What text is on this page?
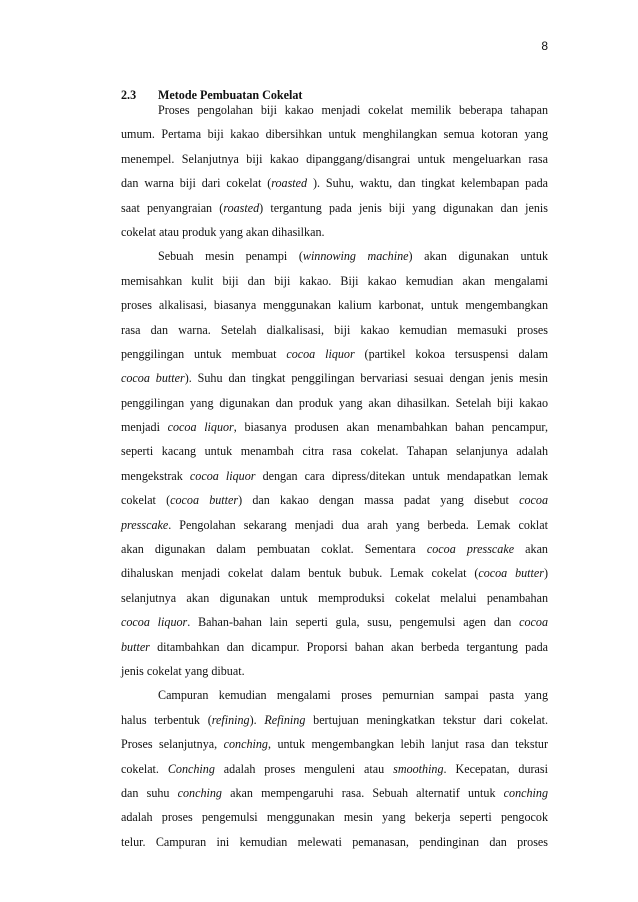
8
2.3 Metode Pembuatan Cokelat
Proses pengolahan biji kakao menjadi cokelat memilik beberapa tahapan
umum. Pertama biji kakao dibersihkan untuk menghilangkan semua kotoran yang
menempel. Selanjutnya biji kakao dipanggang/disangrai untuk mengeluarkan rasa
dan warna biji dari cokelat (roasted ). Suhu, waktu, dan tingkat kelembapan pada
saat penyangraian (roasted) tergantung pada jenis biji yang digunakan dan jenis
cokelat atau produk yang akan dihasilkan.
Sebuah mesin penampi (winnowing machine) akan digunakan untuk
memisahkan kulit biji dan biji kakao. Biji kakao kemudian akan mengalami
proses alkalisasi, biasanya menggunakan kalium karbonat, untuk mengembangkan
rasa dan warna. Setelah dialkalisasi, biji kakao kemudian memasuki proses
penggilingan untuk membuat cocoa liquor (partikel kokoa tersuspensi dalam
cocoa butter). Suhu dan tingkat penggilingan bervariasi sesuai dengan jenis mesin
penggilingan yang digunakan dan produk yang akan dihasilkan. Setelah biji kakao
menjadi cocoa liquor, biasanya produsen akan menambahkan bahan pencampur,
seperti kacang untuk menambah citra rasa cokelat. Tahapan selanjunya adalah
mengekstrak cocoa liquor dengan cara dipress/ditekan untuk mendapatkan lemak
cokelat (cocoa butter) dan kakao dengan massa padat yang disebut cocoa
presscake. Pengolahan sekarang menjadi dua arah yang berbeda. Lemak coklat
akan digunakan dalam pembuatan coklat. Sementara cocoa presscake akan
dihaluskan menjadi cokelat dalam bentuk bubuk. Lemak cokelat (cocoa butter)
selanjutnya akan digunakan untuk memproduksi cokelat melalui penambahan
cocoa liquor. Bahan-bahan lain seperti gula, susu, pengemulsi agen dan cocoa
butter ditambahkan dan dicampur. Proporsi bahan akan berbeda tergantung pada
jenis cokelat yang dibuat.
Campuran kemudian mengalami proses pemurnian sampai pasta yang
halus terbentuk (refining). Refining bertujuan meningkatkan tekstur dari cokelat.
Proses selanjutnya, conching, untuk mengembangkan lebih lanjut rasa dan tekstur
cokelat. Conching adalah proses menguleni atau smoothing. Kecepatan, durasi
dan suhu conching akan mempengaruhi rasa. Sebuah alternatif untuk conching
adalah proses pengemulsi menggunakan mesin yang bekerja seperti pengocok
telur. Campuran ini kemudian melewati pemanasan, pendinginan dan proses
